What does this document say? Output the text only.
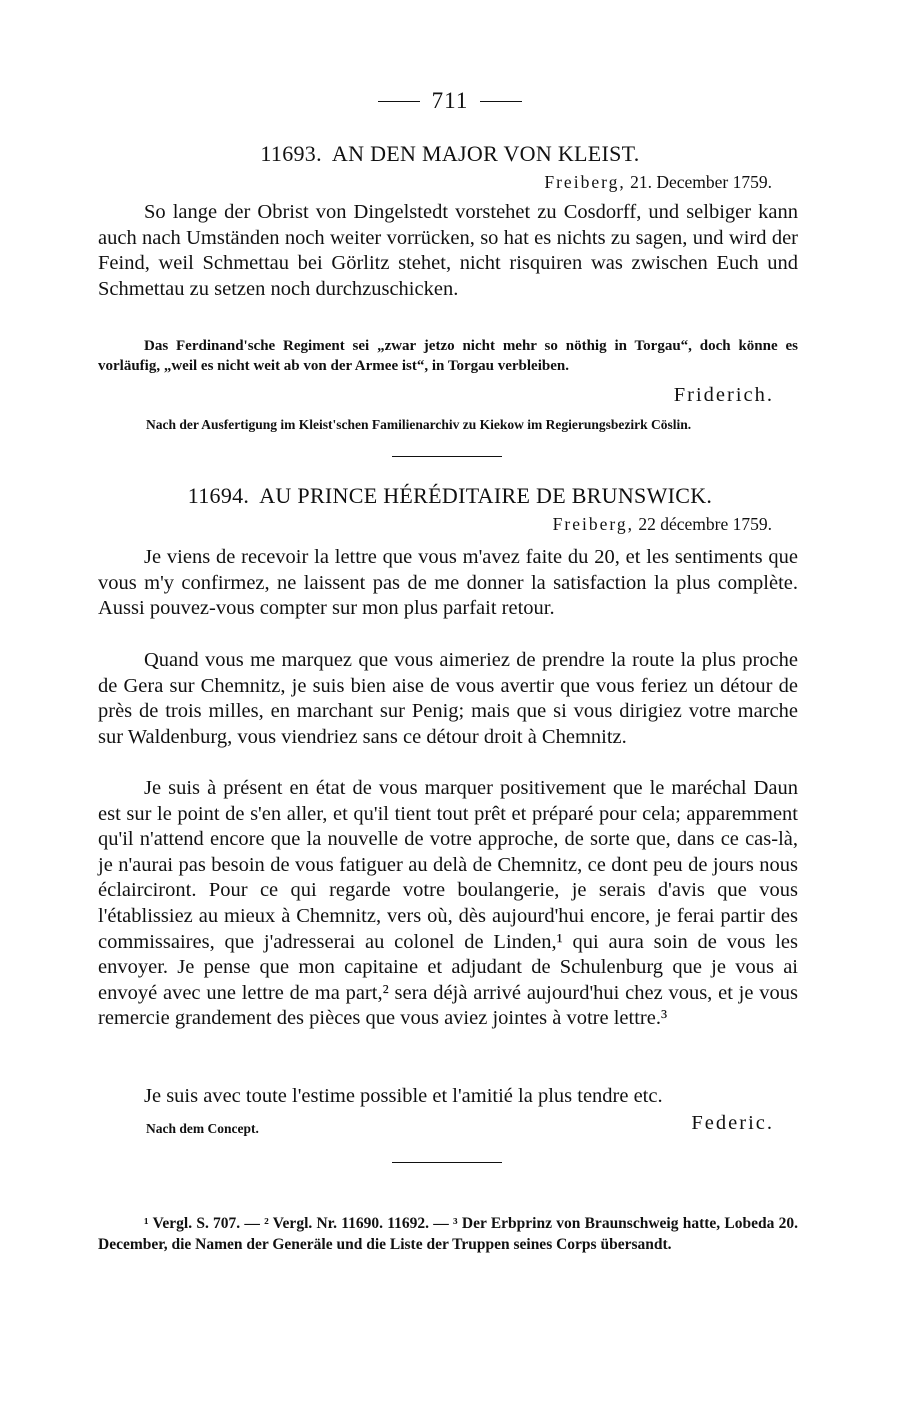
711
11693. AN DEN MAJOR VON KLEIST.
Freiberg, 21. December 1759.

So lange der Obrist von Dingelstedt vorstehet zu Cosdorff, und selbiger kann auch nach Umständen noch weiter vorrücken, so hat es nichts zu sagen, und wird der Feind, weil Schmettau bei Görlitz stehet, nicht risquiren was zwischen Euch und Schmettau zu setzen noch durchzuschicken.

Das Ferdinand'sche Regiment sei „zwar jetzo nicht mehr so nöthig in Torgau“, doch könne es vorläufig, „weil es nicht weit ab von der Armee ist“, in Torgau verbleiben.

Friderich.
Nach der Ausfertigung im Kleist'schen Familienarchiv zu Kiekow im Regierungsbezirk Cöslin.
11694. AU PRINCE HÉRÉDITAIRE DE BRUNSWICK.
Freiberg, 22 décembre 1759.

Je viens de recevoir la lettre que vous m'avez faite du 20, et les sentiments que vous m'y confirmez, ne laissent pas de me donner la satisfaction la plus complète. Aussi pouvez-vous compter sur mon plus parfait retour.

Quand vous me marquez que vous aimeriez de prendre la route la plus proche de Gera sur Chemnitz, je suis bien aise de vous avertir que vous feriez un détour de près de trois milles, en marchant sur Penig; mais que si vous dirigiez votre marche sur Waldenburg, vous viendriez sans ce détour droit à Chemnitz.

Je suis à présent en état de vous marquer positivement que le maréchal Daun est sur le point de s'en aller, et qu'il tient tout prêt et préparé pour cela; apparemment qu'il n'attend encore que la nouvelle de votre approche, de sorte que, dans ce cas-là, je n'aurai pas besoin de vous fatiguer au delà de Chemnitz, ce dont peu de jours nous éclairciront. Pour ce qui regarde votre boulangerie, je serais d'avis que vous l'établissiez au mieux à Chemnitz, vers où, dès aujourd'hui encore, je ferai partir des commissaires, que j'adresserai au colonel de Linden,¹ qui aura soin de vous les envoyer. Je pense que mon capitaine et adjudant de Schulenburg que je vous ai envoyé avec une lettre de ma part,² sera déjà arrivé aujourd'hui chez vous, et je vous remercie grandement des pièces que vous aviez jointes à votre lettre.³

Je suis avec toute l'estime possible et l'amitié la plus tendre etc.

Nach dem Concept.	Federic.

¹ Vergl. S. 707. — ² Vergl. Nr. 11690. 11692. — ³ Der Erbprinz von Braunschweig hatte, Lobeda 20. December, die Namen der Generäle und die Liste der Truppen seines Corps übersandt.
